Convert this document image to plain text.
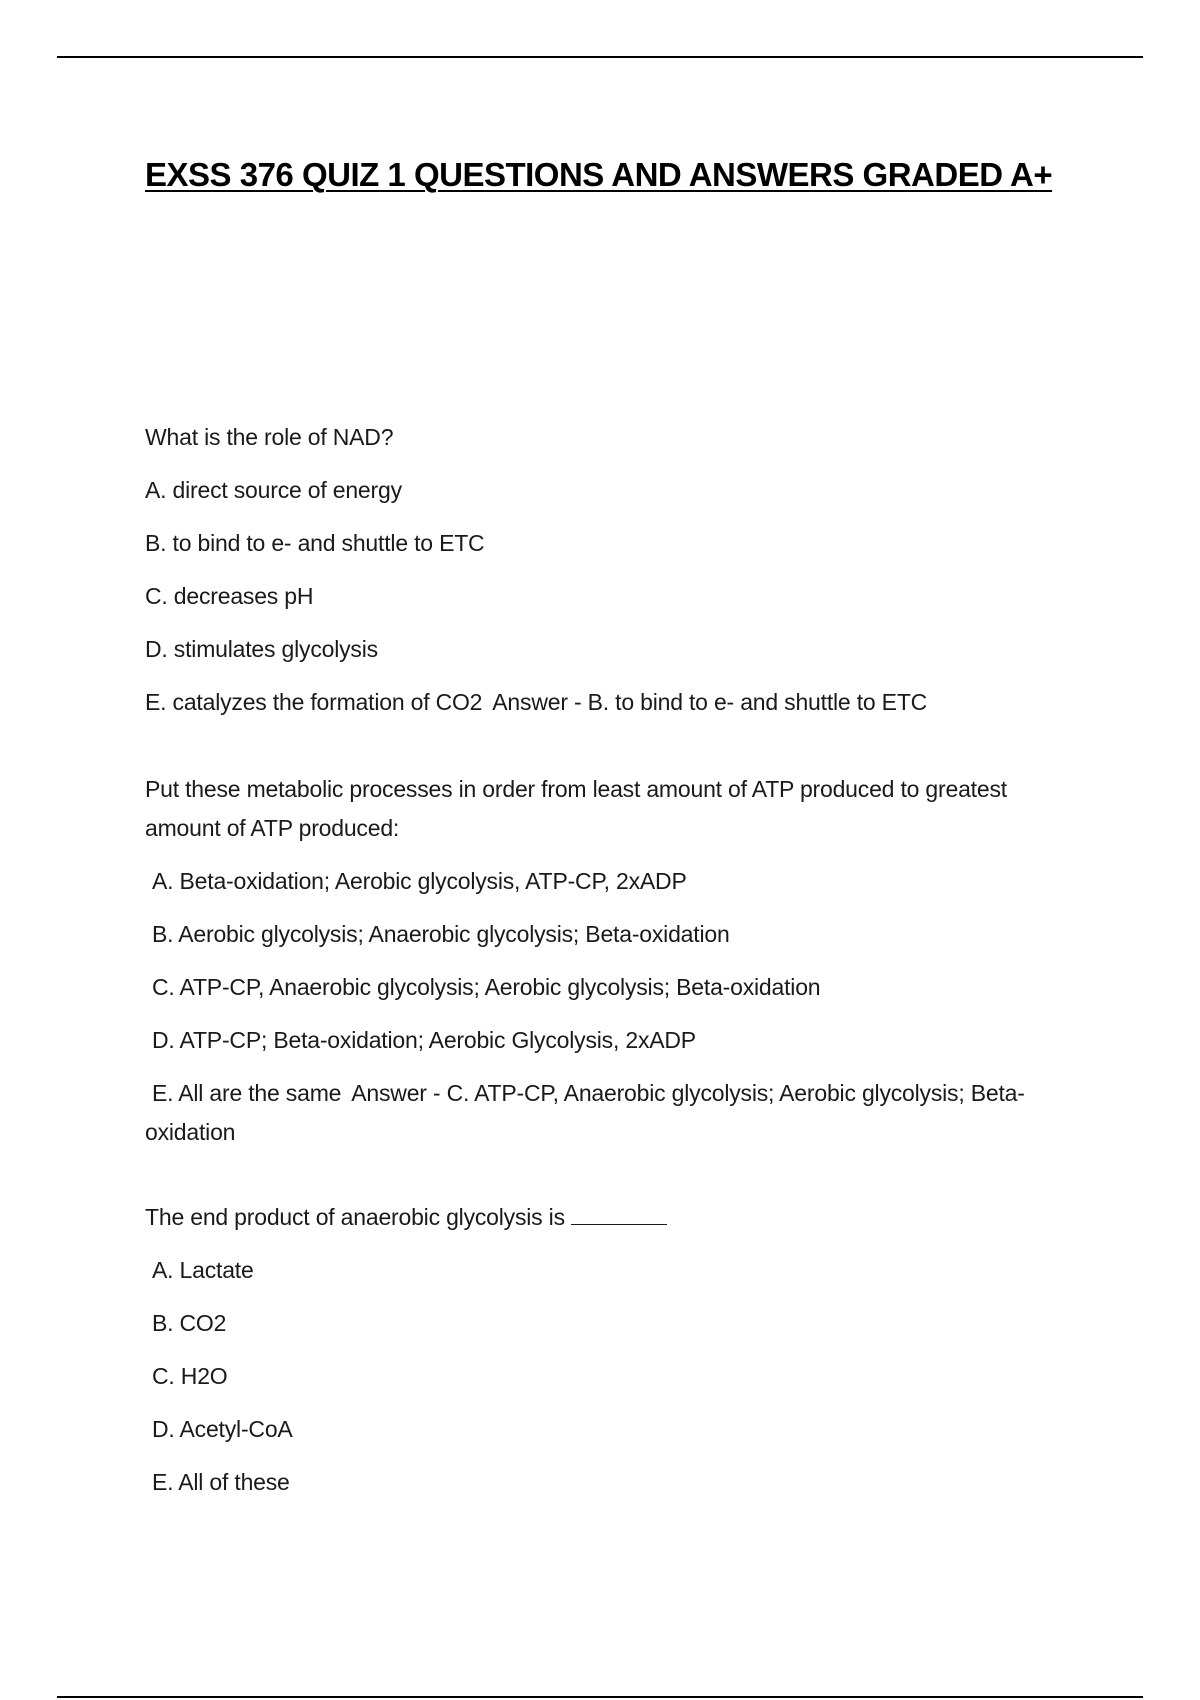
EXSS 376 QUIZ 1 QUESTIONS AND ANSWERS GRADED A+

What is the role of NAD?

A. direct source of energy

B. to bind to e- and shuttle to ETC

C. decreases pH

D. stimulates glycolysis

E. catalyzes the formation of CO2 Answer - B. to bind to e- and shuttle to ETC

Put these metabolic processes in order from least amount of ATP produced to greatest amount of ATP produced:

A. Beta-oxidation; Aerobic glycolysis, ATP-CP, 2xADP

B. Aerobic glycolysis; Anaerobic glycolysis; Beta-oxidation

C. ATP-CP, Anaerobic glycolysis; Aerobic glycolysis; Beta-oxidation

D. ATP-CP; Beta-oxidation; Aerobic Glycolysis, 2xADP

E. All are the same Answer - C. ATP-CP, Anaerobic glycolysis; Aerobic glycolysis; Beta-oxidation

The end product of anaerobic glycolysis is

A. Lactate

B. CO2

C. H2O

D. Acetyl-CoA

E. All of these
